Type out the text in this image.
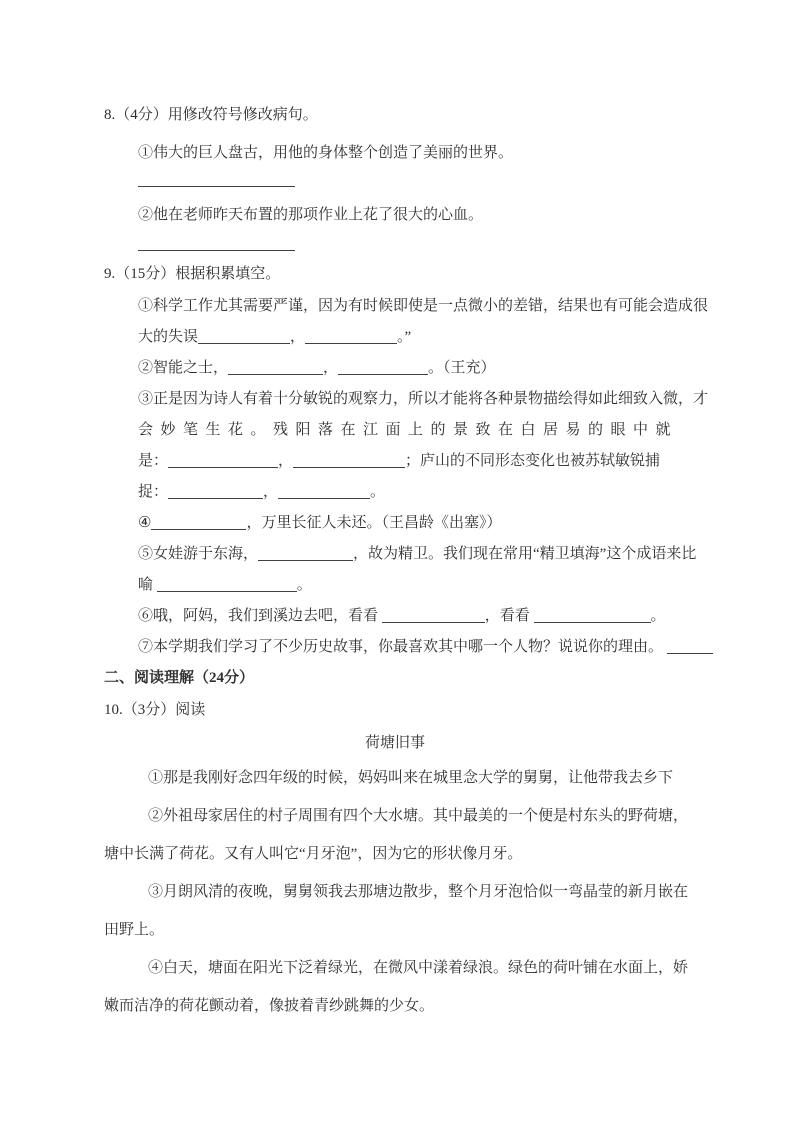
8.（4分）用修改符号修改病句。
①伟大的巨人盘古，用他的身体整个创造了美丽的世界。
②他在老师昨天布置的那项作业上花了很大的心血。
9.（15分）根据积累填空。
①科学工作尤其需要严谨，因为有时候即使是一点微小的差错，结果也有可能会造成很
大的失误	，	。”
②智能之士，	，	。（王充）
③正是因为诗人有着十分敏锐的观察力，所以才能将各种景物描绘得如此细致入微，才
会妙笔生花。残阳落在江面上的景致在白居易的眼中就
是：	，	；庐山的不同形态变化也被苏轼敏锐捕
捉：	，	。
④	，万里长征人未还。（王昌龄《出塞》）
⑤女娃游于东海，	，故为精卫。我们现在常用“精卫填海”这个成语来比
喻	。
⑥哦，阿妈，我们到溪边去吧，看看	，看看	。
⑦本学期我们学习了不少历史故事，你最喜欢其中哪一个人物？说说你的理由。
二、阅读理解（24分）
10.（3分）阅读
荷塘旧事
①那是我刚好念四年级的时候，妈妈叫来在城里念大学的舅舅，让他带我去乡下
②外祖母家居住的村子周围有四个大水塘。其中最美的一个便是村东头的野荷塘，
塘中长满了荷花。又有人叫它“月牙泡”，因为它的形状像月牙。
③月朗风清的夜晚，舅舅领我去那塘边散步，整个月牙泡恰似一弯晶莹的新月嵌在
田野上。
④白天，塘面在阳光下泛着绿光，在微风中漾着绿浪。绿色的荷叶铺在水面上，娇
嫩而洁净的荷花颤动着，像披着青纱跳舞的少女。
